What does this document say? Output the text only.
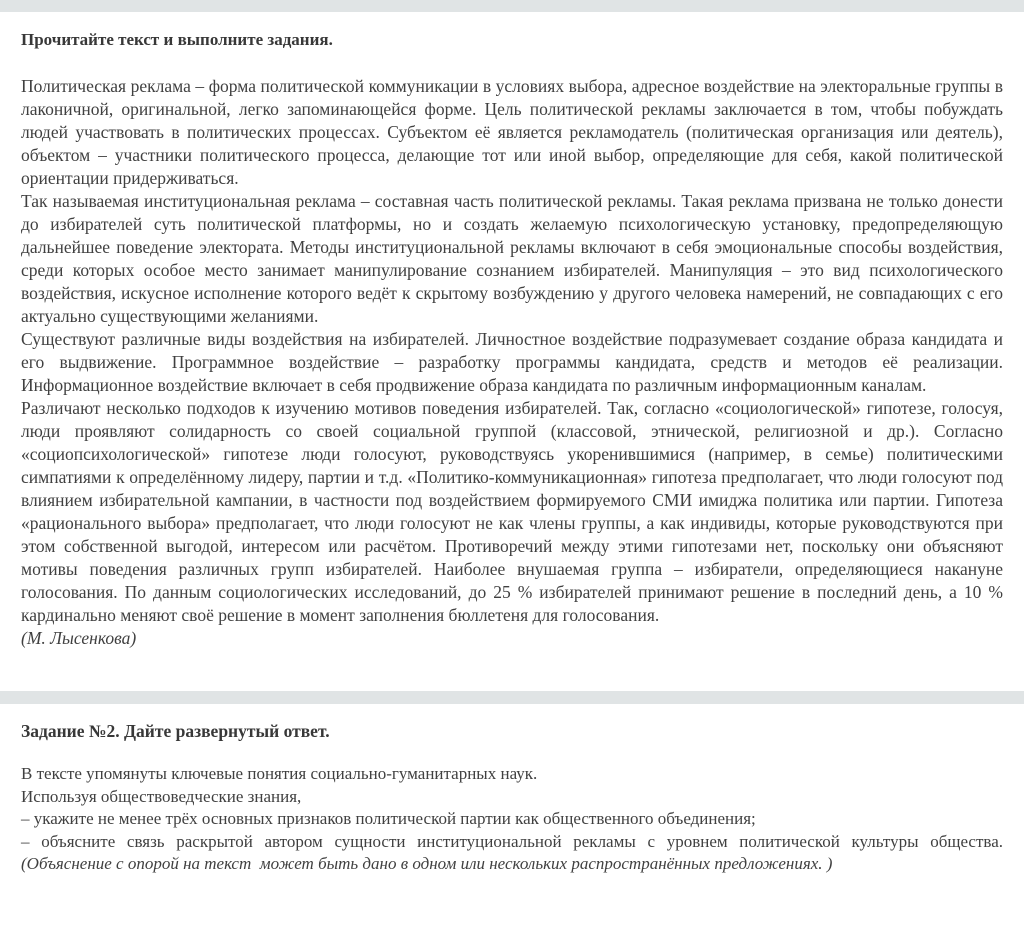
Прочитайте текст и выполните задания.

Политическая реклама – форма политической коммуникации в условиях выбора, адресное воздействие на электоральные группы в лаконичной, оригинальной, легко запоминающейся форме. Цель политической рекламы заключается в том, чтобы побуждать людей участвовать в политических процессах. Субъектом её является рекламодатель (политическая организация или деятель), объектом – участники политического процесса, делающие тот или иной выбор, определяющие для себя, какой политической ориентации придерживаться.

Так называемая институциональная реклама – составная часть политической рекламы. Такая реклама призвана не только донести до избирателей суть политической платформы, но и создать желаемую психологическую установку, предопределяющую дальнейшее поведение электората. Методы институциональной рекламы включают в себя эмоциональные способы воздействия, среди которых особое место занимает манипулирование сознанием избирателей. Манипуляция – это вид психологического воздействия, искусное исполнение которого ведёт к скрытому возбуждению у другого человека намерений, не совпадающих с его актуально существующими желаниями.

Существуют различные виды воздействия на избирателей. Личностное воздействие подразумевает создание образа кандидата и его выдвижение. Программное воздействие – разработку программы кандидата, средств и методов её реализации. Информационное воздействие включает в себя продвижение образа кандидата по различным информационным каналам.

Различают несколько подходов к изучению мотивов поведения избирателей. Так, согласно «социологической» гипотезе, голосуя, люди проявляют солидарность со своей социальной группой (классовой, этнической, религиозной и др.). Согласно «социопсихологической» гипотезе люди голосуют, руководствуясь укоренившимися (например, в семье) политическими симпатиями к определённому лидеру, партии и т.д. «Политико-коммуникационная» гипотеза предполагает, что люди голосуют под влиянием избирательной кампании, в частности под воздействием формируемого СМИ имиджа политика или партии. Гипотеза «рационального выбора» предполагает, что люди голосуют не как члены группы, а как индивиды, которые руководствуются при этом собственной выгодой, интересом или расчётом. Противоречий между этими гипотезами нет, поскольку они объясняют мотивы поведения различных групп избирателей. Наиболее внушаемая группа – избиратели, определяющиеся накануне голосования. По данным социологических исследований, до 25 % избирателей принимают решение в последний день, а 10 % кардинально меняют своё решение в момент заполнения бюллетеня для голосования.

(М. Лысенкова)

Задание №2. Дайте развернутый ответ.

В тексте упомянуты ключевые понятия социально-гуманитарных наук.

Используя обществоведческие знания,

– укажите не менее трёх основных признаков политической партии как общественного объединения;

– объясните связь раскрытой автором сущности институциональной рекламы с уровнем политической культуры общества. (Объяснение с опорой на текст  может быть дано в одном или нескольких распространённых предложениях. )
